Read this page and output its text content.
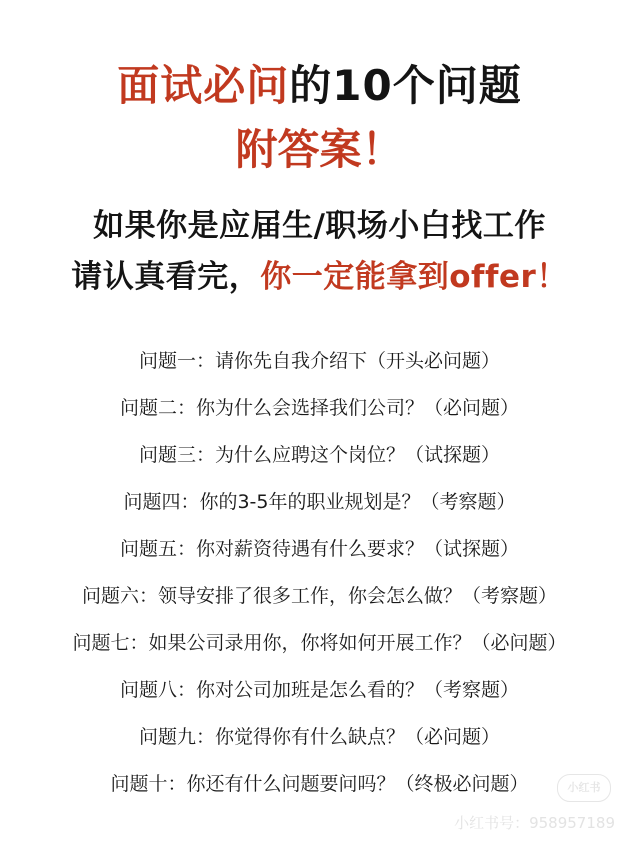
面试必问的10个问题
附答案！
如果你是应届生/职场小白找工作
请认真看完，你一定能拿到offer！
问题一：请你先自我介绍下（开头必问题）
问题二：你为什么会选择我们公司？（必问题）
问题三：为什么应聘这个岗位？（试探题）
问题四：你的3-5年的职业规划是？（考察题）
问题五：你对薪资待遇有什么要求？（试探题）
问题六：领导安排了很多工作，你会怎么做？（考察题）
问题七：如果公司录用你，你将如何开展工作？（必问题）
问题八：你对公司加班是怎么看的？（考察题）
问题九：你觉得你有什么缺点？（必问题）
问题十：你还有什么问题要问吗？（终极必问题）	小红书
小红书号：958957189
